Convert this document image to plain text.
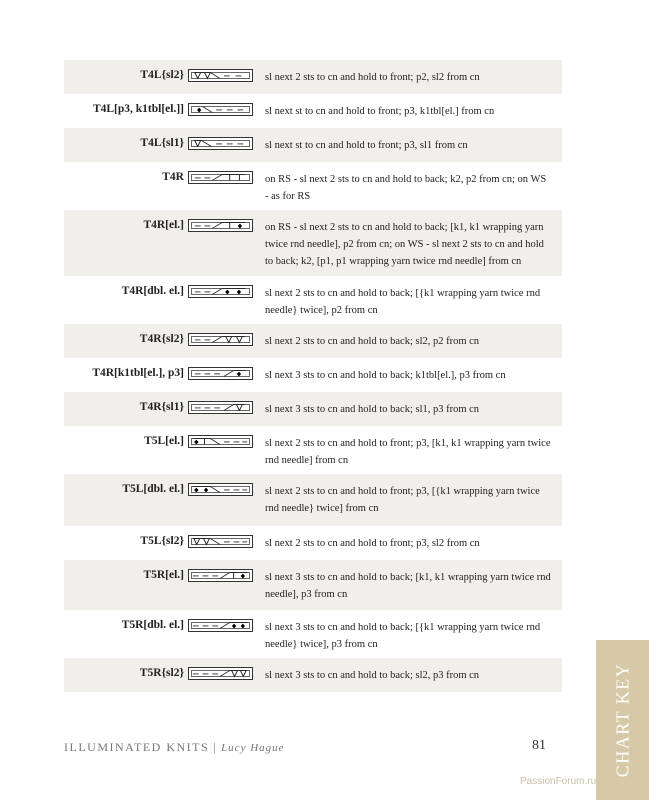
T4L{sl2}	sl next 2 sts to cn and hold to front; p2, sl2 from cn
T4L[p3, k1tbl[el.]] ♦	sl next st to cn and hold to front; p3, k1tbl[el.] from cn
T4L{sl1}	sl next st to cn and hold to front; p3, sl1 from cn
T4R	on RS - sl next 2 sts to cn and hold to back; k2, p2 from cn; on WS - as for RS
T4R[el.]	♦	on RS - sl next 2 sts to cn and hold to back; [k1, k1 wrapping yarn twice rnd needle], p2 from cn; on WS - sl next 2 sts to cn and hold to back; k2, [p1, p1 wrapping yarn twice rnd needle] from cn
T4R[dbl. el.]	♦ ♦	sl next 2 sts to cn and hold to back; [{k1 wrapping yarn twice rnd needle} twice], p2 from cn
T4R{sl2}	sl next 2 sts to cn and hold to back; sl2, p2 from cn
T4R[k1tbl[el.], p3]	♦	sl next 3 sts to cn and hold to back; k1tbl[el.], p3 from cn
T4R{sl1}	sl next 3 sts to cn and hold to back; sl1, p3 from cn
T5L[el.] ♦	sl next 2 sts to cn and hold to front; p3, [k1, k1 wrapping yarn twice rnd needle] from cn
T5L[dbl. el.] ♦ ♦	sl next 2 sts to cn and hold to front; p3, [{k1 wrapping yarn twice rnd needle} twice] from cn
T5L{sl2}	sl next 2 sts to cn and hold to front; p3, sl2 from cn
T5R[el.]	♦	sl next 3 sts to cn and hold to back; [k1, k1 wrapping yarn twice rnd needle], p3 from cn
T5R[dbl. el.]	♦ ♦	sl next 3 sts to cn and hold to back; [{k1 wrapping yarn twice rnd needle} twice], p3 from cn
T5R{sl2}	sl next 3 sts to cn and hold to back; sl2, p3 from cn
ILLUMINATED KNITS | Lucy Hague	81	CHART KEY
PassionForum.ru
